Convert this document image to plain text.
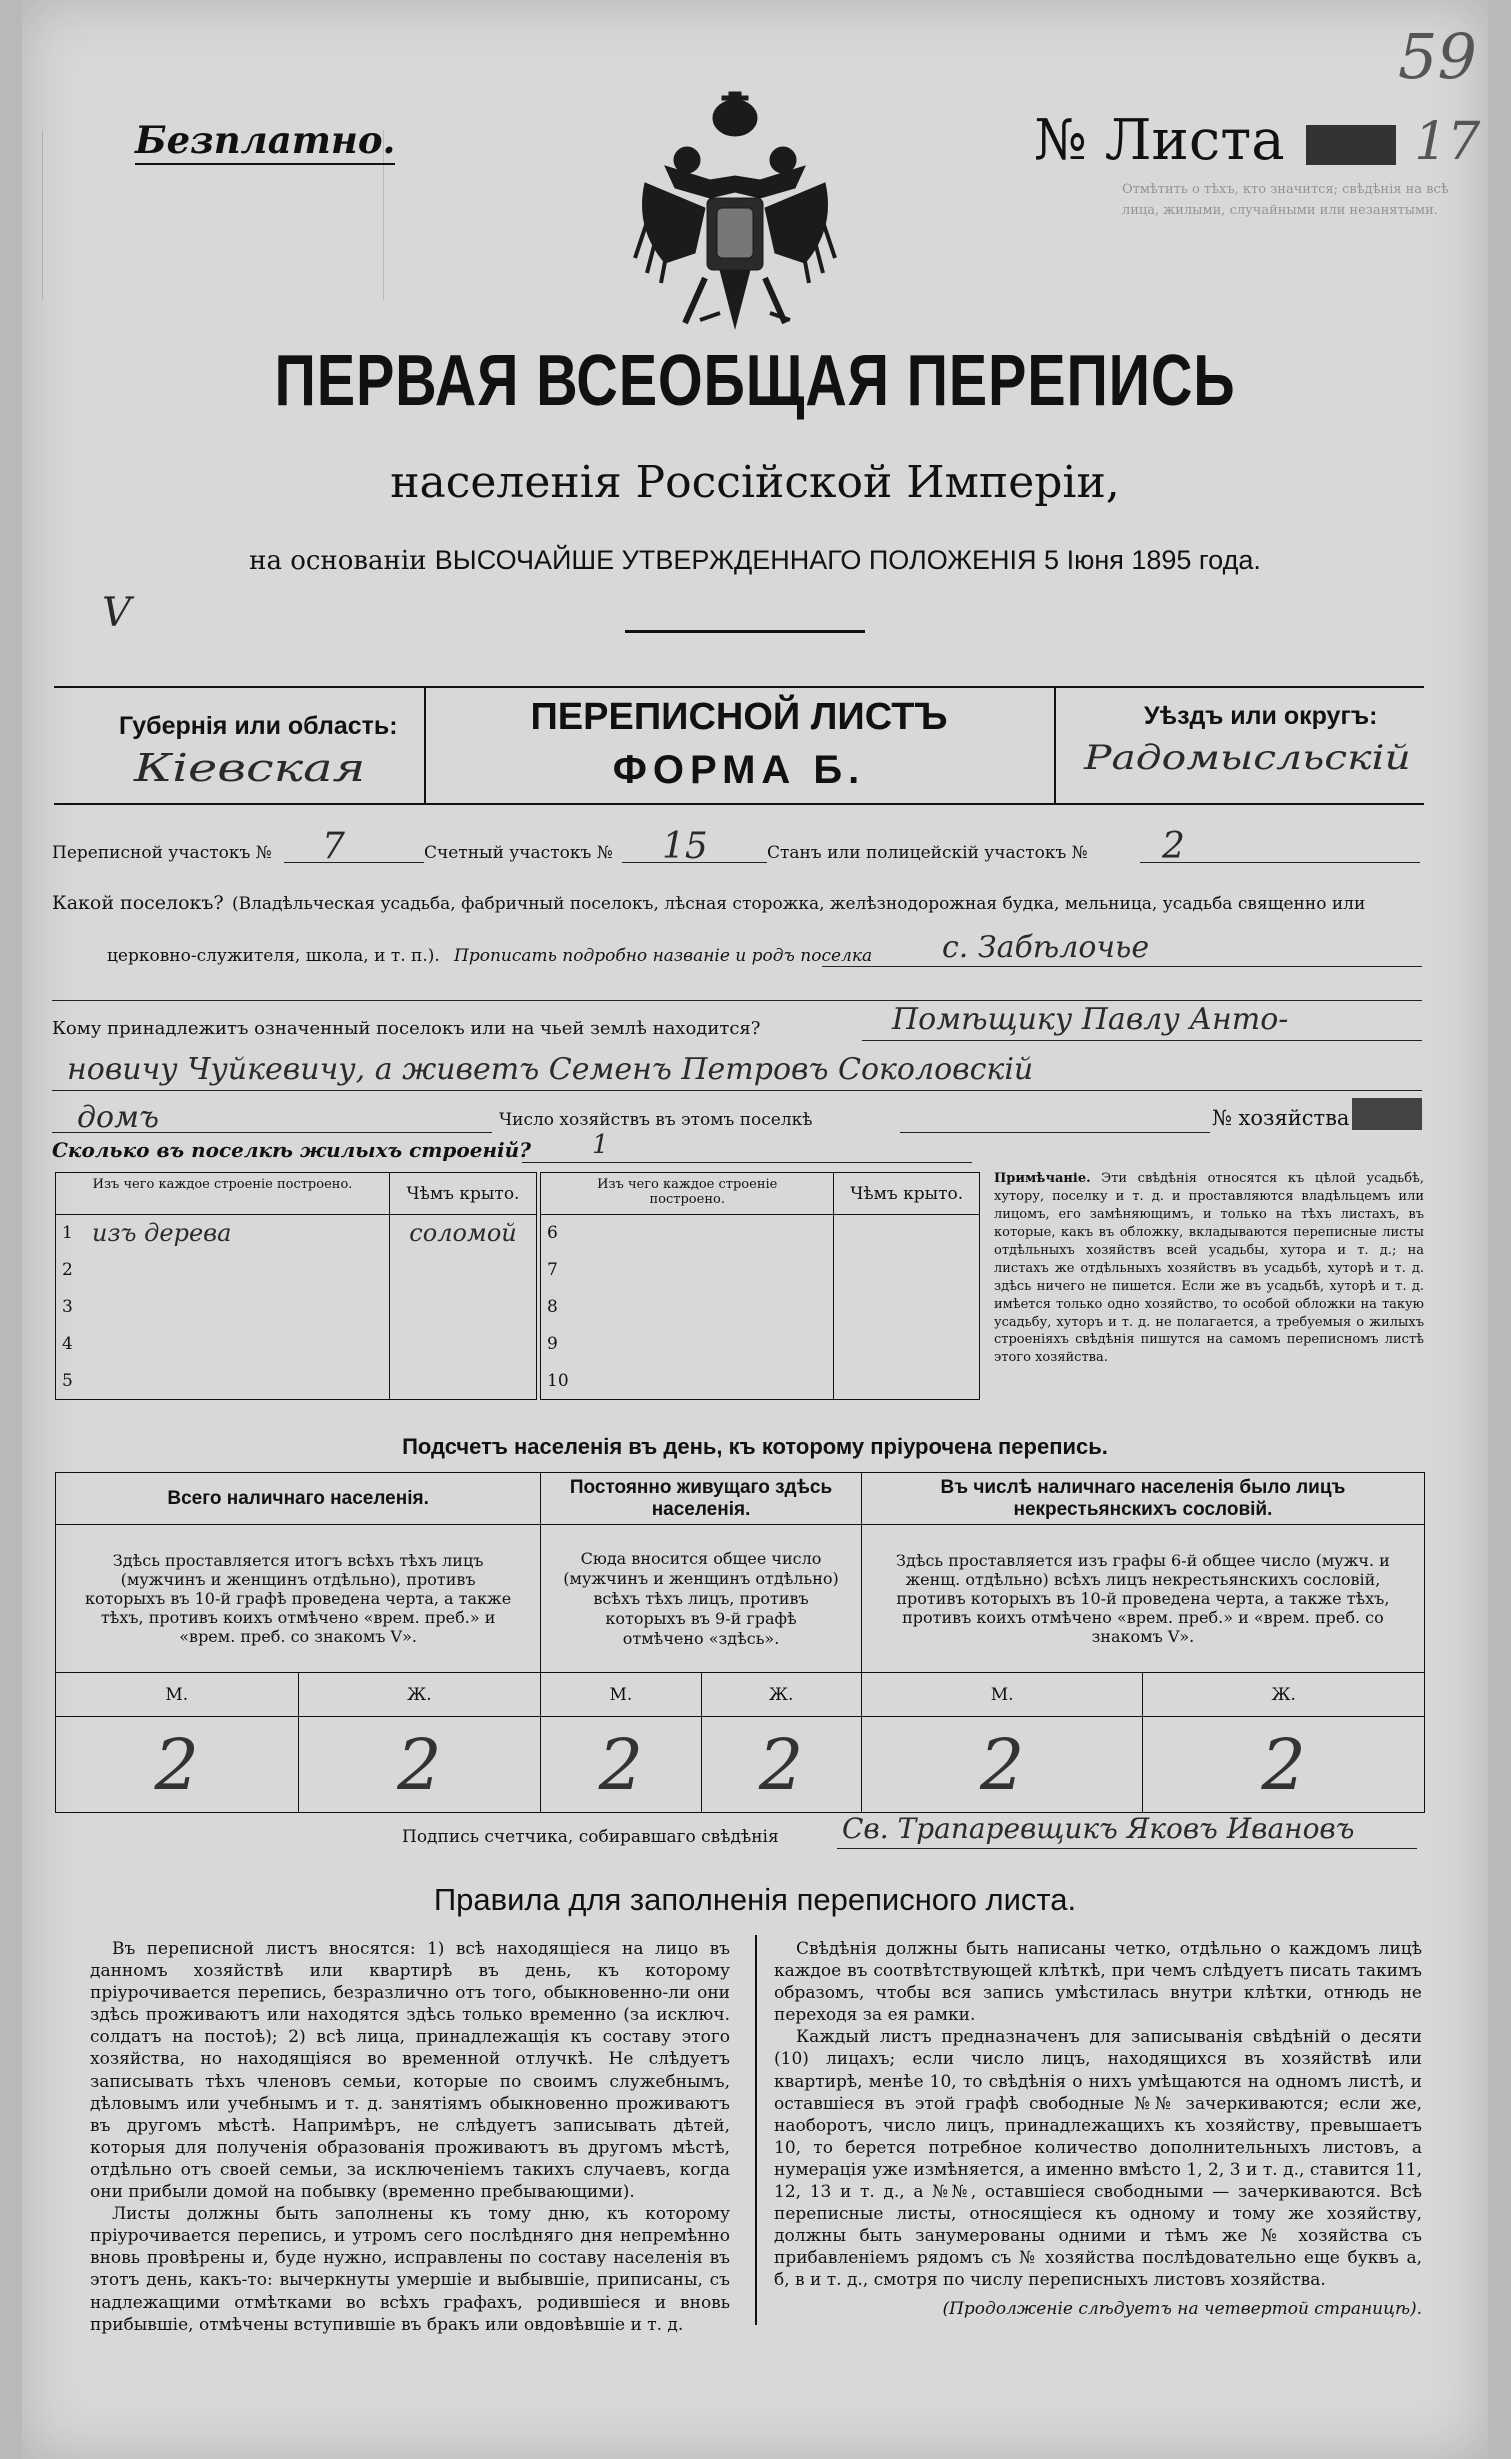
59
Безплатно.	№ Листа 17
Отмѣтить о тѣхъ, кто значится; свѣдѣнія на всѣ лица, жилыми, случайными или незанятыми.
ПЕРВАЯ ВСЕОБЩАЯ ПЕРЕПИСЬ
населенія Россійской Имперіи,
на основаніи ВЫСОЧАЙШЕ УТВЕРЖДЕННАГО ПОЛОЖЕНІЯ 5 Іюня 1895 года.
V
Губернія или область:
Кіевская
ПЕРЕПИСНОЙ ЛИСТЪ
ФОРМА Б.
Уѣздъ или округъ:
Радомысльскій
Переписной участокъ № 7	Счетный участокъ № 15	Станъ или полицейскій участокъ № 2
Какой поселокъ? (Владѣльческая усадьба, фабричный поселокъ, лѣсная сторожка, желѣзнодорожная будка, мельница, усадьба священно или
церковно-служителя, школа, и т. п.). Прописать подробно названіе и родъ поселка с. Забѣлочье
Кому принадлежитъ означенный поселокъ или на чьей землѣ находится?	Помѣщику Павлу Анто-
новичу Чуйкевичу, а живетъ Семенъ Петровъ Соколовскій
домъ	Число хозяйствъ въ этомъ поселкѣ	№ хозяйства
Сколько въ поселкѣ жилыхъ строеній? 1
Изъ чего каждое строеніе построено.		Чѣмъ крыто.
1	изъ дерева	соломой
2		
3		
4		
5		
Изъ чего каждое строеніе построено.		Чѣмъ крыто.
6		
7		
8		
9		
10		
Примѣчаніе. Эти свѣдѣнія относятся къ цѣлой усадьбѣ, хутору, поселку и т. д. и проставляются владѣльцемъ или лицомъ, его замѣняющимъ, и только на тѣхъ листахъ, въ которые, какъ въ обложку, вкладываются переписные листы отдѣльныхъ хозяйствъ всей усадьбы, хутора и т. д.; на листахъ же отдѣльныхъ хозяйствъ въ усадьбѣ, хуторѣ и т. д. здѣсь ничего не пишется. Если же въ усадьбѣ, хуторѣ и т. д. имѣется только одно хозяйство, то особой обложки на такую усадьбу, хуторъ и т. д. не полагается, а требуемыя о жилыхъ строеніяхъ свѣдѣнія пишутся на самомъ переписномъ листѣ этого хозяйства.
Подсчетъ населенія въ день, къ которому пріурочена перепись.
Всего наличнаго населенія.		Постоянно живущаго здѣсь населенія.		Въ числѣ наличнаго населенія было лицъ некрестьянскихъ сословій.	
Здѣсь проставляется итогъ всѣхъ тѣхъ лицъ (мужчинъ и женщинъ отдѣльно), противъ которыхъ въ 10-й графѣ проведена черта, а также тѣхъ, противъ коихъ отмѣчено «врем. преб.» и «врем. преб. со знакомъ V».		Сюда вносится общее число (мужчинъ и женщинъ отдѣльно) всѣхъ тѣхъ лицъ, противъ которыхъ въ 9-й графѣ отмѣчено «здѣсь».		Здѣсь проставляется изъ графы 6-й общее число (мужч. и женщ. отдѣльно) всѣхъ лицъ некрестьянскихъ сословій, противъ которыхъ въ 10-й проведена черта, а также тѣхъ, противъ коихъ отмѣчено «врем. преб.» и «врем. преб. со знакомъ V».	
М.	Ж.	М.	Ж.	М.	Ж.
2	2	2	2	2	2
Подпись счетчика, собиравшаго свѣдѣнія Св. Трапаревщикъ Яковъ Ивановъ
Правила для заполненія переписного листа.
Въ переписной листъ вносятся: 1) всѣ находящіеся на лицо въ данномъ хозяйствѣ или квартирѣ въ день, къ которому пріурочивается перепись, безразлично отъ того, обыкновенно-ли они здѣсь проживаютъ или находятся здѣсь только временно (за исключ. солдатъ на постоѣ); 2) всѣ лица, принадлежащія къ составу этого хозяйства, но находящіяся во временной отлучкѣ. Не слѣдуетъ записывать тѣхъ членовъ семьи, которые по своимъ служебнымъ, дѣловымъ или учебнымъ и т. д. занятіямъ обыкновенно проживаютъ въ другомъ мѣстѣ. Напримѣръ, не слѣдуетъ записывать дѣтей, которыя для полученія образованія проживаютъ въ другомъ мѣстѣ, отдѣльно отъ своей семьи, за исключеніемъ такихъ случаевъ, когда они прибыли домой на побывку (временно пребывающими).
Листы должны быть заполнены къ тому дню, къ которому пріурочивается перепись, и утромъ сего послѣдняго дня непремѣнно вновь провѣрены и, буде нужно, исправлены по составу населенія въ этотъ день, какъ-то: вычеркнуты умершіе и выбывшіе, приписаны, съ надлежащими отмѣтками во всѣхъ графахъ, родившіеся и вновь прибывшіе, отмѣчены вступившіе въ бракъ или овдовѣвшіе и т. д.
Свѣдѣнія должны быть написаны четко, отдѣльно о каждомъ лицѣ каждое въ соотвѣтствующей клѣткѣ, при чемъ слѣдуетъ писать такимъ образомъ, чтобы вся запись умѣстилась внутри клѣтки, отнюдь не переходя за ея рамки.
Каждый листъ предназначенъ для записыванія свѣдѣній о десяти (10) лицахъ; если число лицъ, находящихся въ хозяйствѣ или квартирѣ, менѣе 10, то свѣдѣнія о нихъ умѣщаются на одномъ листѣ, и оставшіеся въ этой графѣ свободные №№ зачеркиваются; если же, наоборотъ, число лицъ, принадлежащихъ къ хозяйству, превышаетъ 10, то берется потребное количество дополнительныхъ листовъ, а нумерація уже измѣняется, а именно вмѣсто 1, 2, 3 и т. д., ставится 11, 12, 13 и т. д., а №№, оставшіеся свободными — зачеркиваются. Всѣ переписные листы, относящіеся къ одному и тому же хозяйству, должны быть занумерованы одними и тѣмъ же № хозяйства съ прибавленіемъ рядомъ съ № хозяйства послѣдовательно еще буквъ а, б, в и т. д., смотря по числу переписныхъ листовъ хозяйства.
(Продолженіе слѣдуетъ на четвертой страницѣ).
